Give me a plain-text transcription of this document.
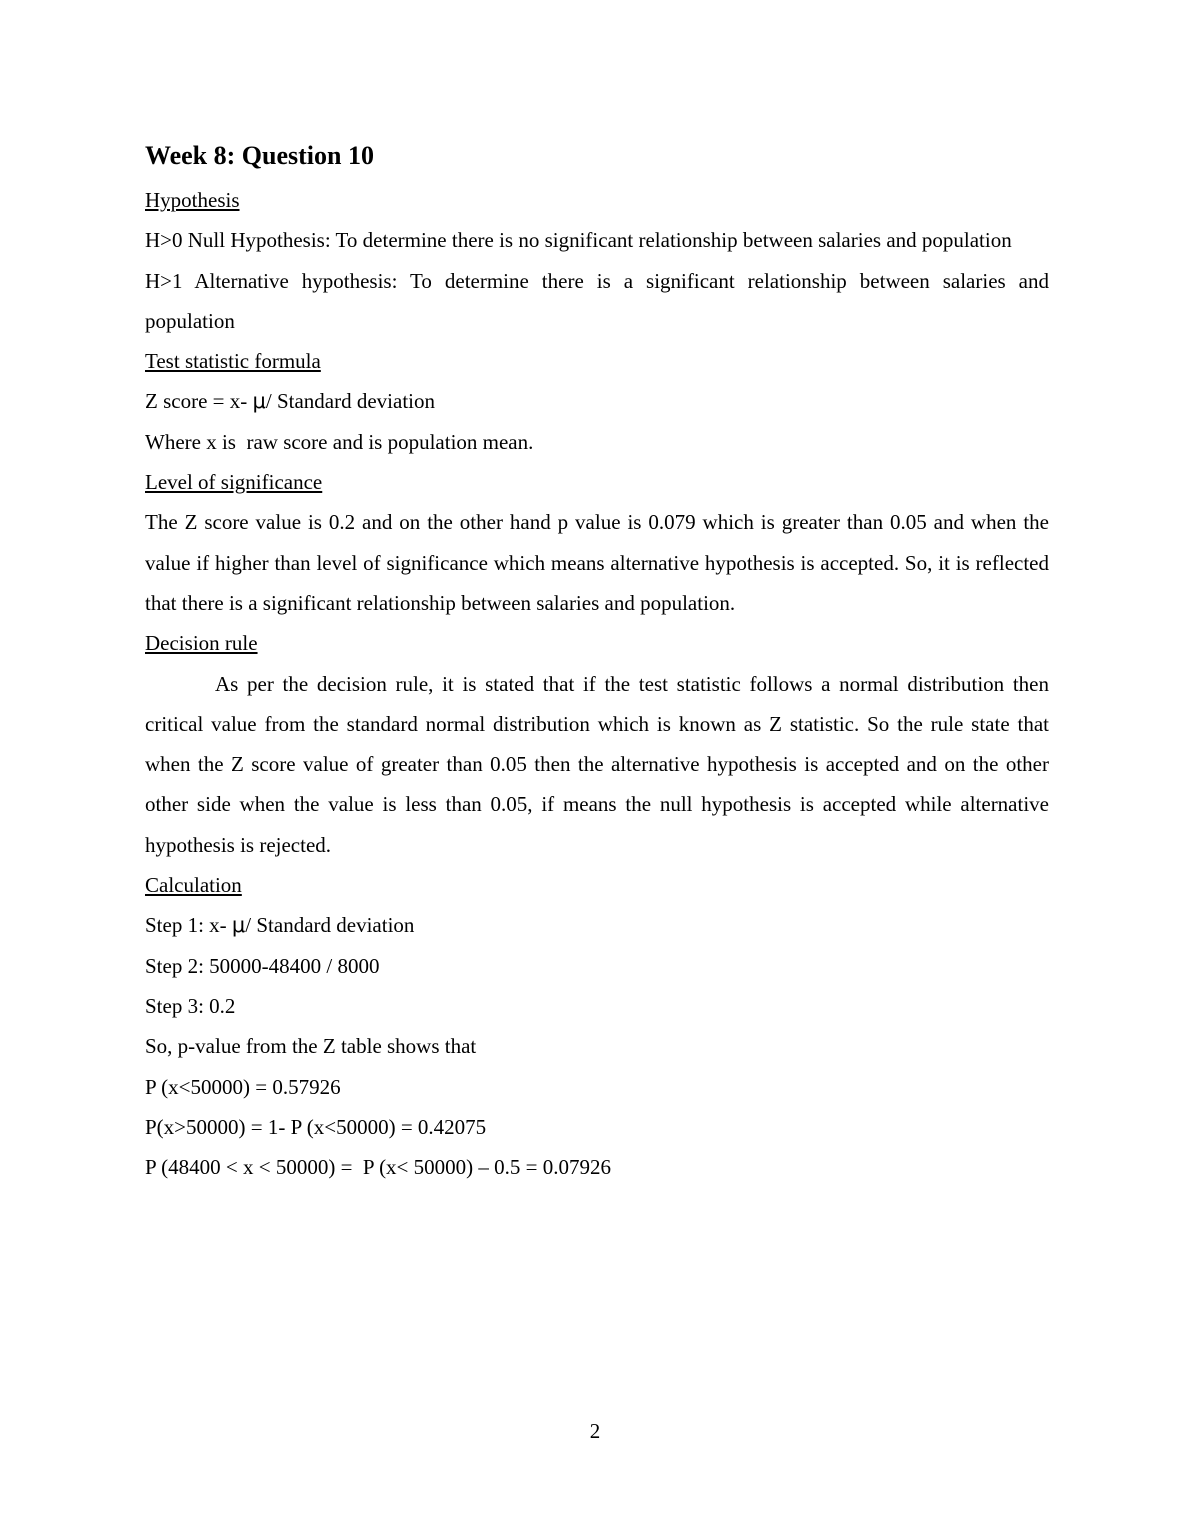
Week 8: Question 10

Hypothesis

H>0 Null Hypothesis: To determine there is no significant relationship between salaries and population

H>1 Alternative hypothesis: To determine there is a significant relationship between salaries and population

Test statistic formula

Z score = x- μ/ Standard deviation

Where x is  raw score and is population mean.

Level of significance

The Z score value is 0.2 and on the other hand p value is 0.079 which is greater than 0.05 and when the value if higher than level of significance which means alternative hypothesis is accepted. So, it is reflected that there is a significant relationship between salaries and population.

Decision rule

As per the decision rule, it is stated that if the test statistic follows a normal distribution then critical value from the standard normal distribution which is known as Z statistic. So the rule state that when the Z score value of greater than 0.05 then the alternative hypothesis is accepted and on the other other side when the value is less than 0.05, if means the null hypothesis is accepted while alternative hypothesis is rejected.

Calculation

Step 1: x- μ/ Standard deviation

Step 2: 50000-48400 / 8000

Step 3: 0.2

So, p-value from the Z table shows that

P (x<50000) = 0.57926

P(x>50000) = 1- P (x<50000) = 0.42075

P (48400 < x < 50000) =  P (x< 50000) – 0.5 = 0.07926

2
